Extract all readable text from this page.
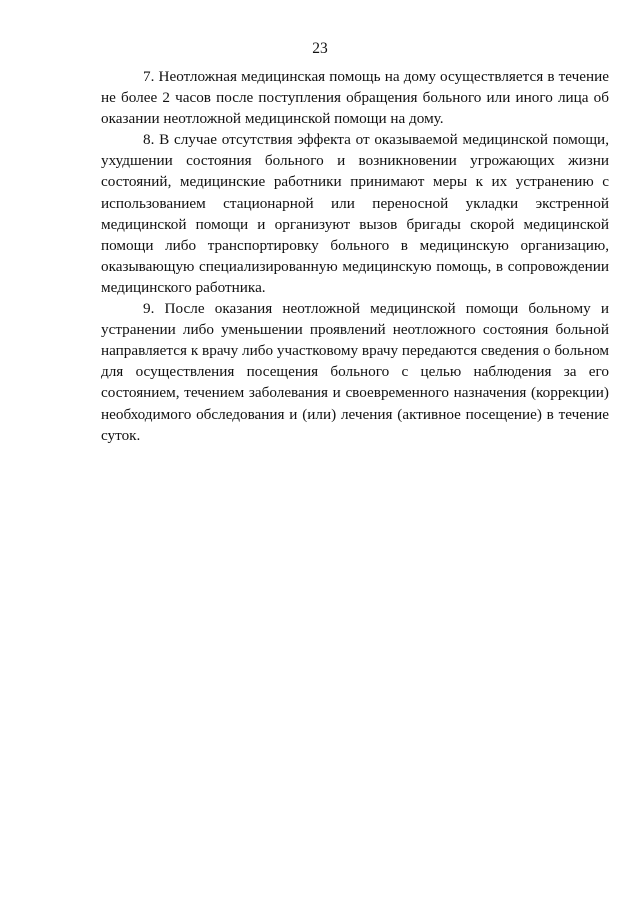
23

7. Неотложная медицинская помощь на дому осуществляется в течение не более 2 часов после поступления обращения больного или иного лица об оказании неотложной медицинской помощи на дому.

8. В случае отсутствия эффекта от оказываемой медицинской помощи, ухудшении состояния больного и возникновении угрожающих жизни состояний, медицинские работники принимают меры к их устранению с использованием стационарной или переносной укладки экстренной медицинской помощи и организуют вызов бригады скорой медицинской помощи либо транспортировку больного в медицинскую организацию, оказывающую специализированную медицинскую помощь, в сопровождении медицинского работника.

9. После оказания неотложной медицинской помощи больному и устранении либо уменьшении проявлений неотложного состояния больной направляется к врачу либо участковому врачу передаются сведения о больном для осуществления посещения больного с целью наблюдения за его состоянием, течением заболевания и своевременного назначения (коррекции) необходимого обследования и (или) лечения (активное посещение) в течение суток.
